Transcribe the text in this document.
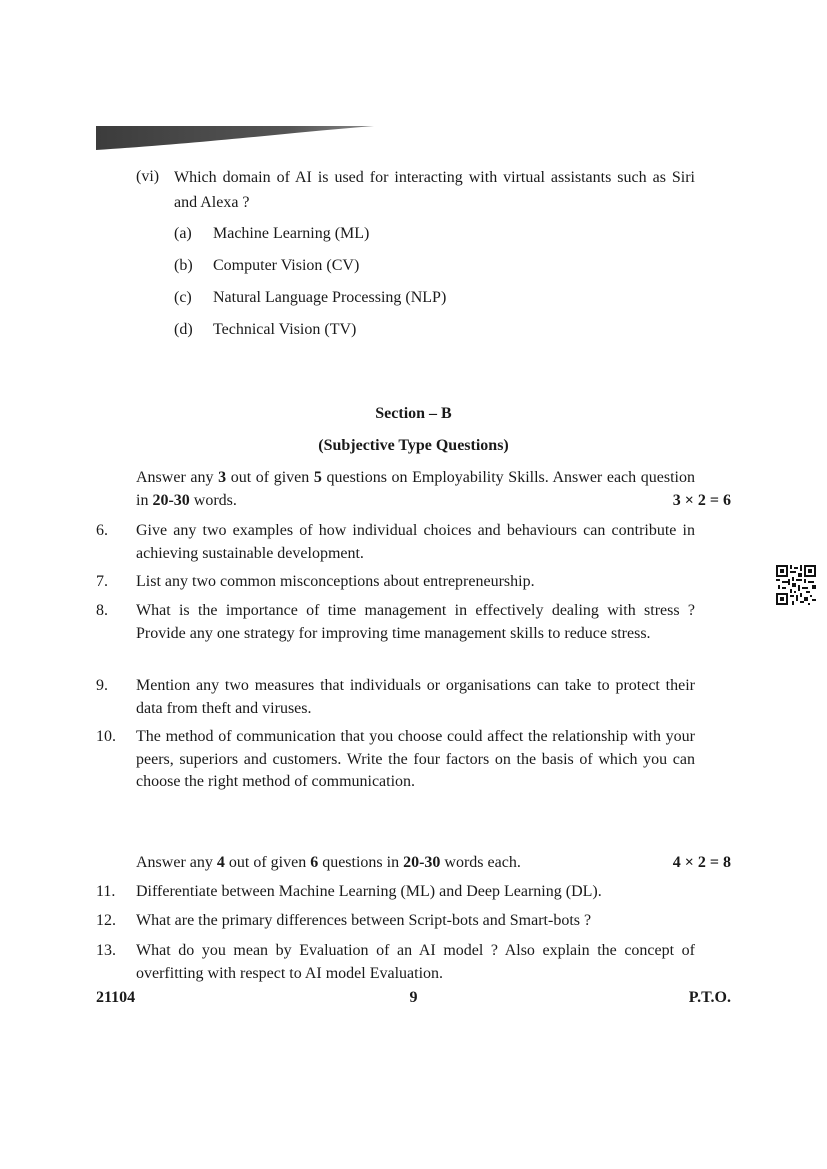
(vi) Which domain of AI is used for interacting with virtual assistants such as Siri and Alexa ?
(a) Machine Learning (ML)
(b) Computer Vision (CV)
(c) Natural Language Processing (NLP)
(d) Technical Vision (TV)
Section – B
(Subjective Type Questions)
Answer any 3 out of given 5 questions on Employability Skills. Answer each question in 20-30 words.	3 × 2 = 6
6.	Give any two examples of how individual choices and behaviours can contribute in achieving sustainable development.
7.	List any two common misconceptions about entrepreneurship.
8.	What is the importance of time management in effectively dealing with stress ? Provide any one strategy for improving time management skills to reduce stress.
9.	Mention any two measures that individuals or organisations can take to protect their data from theft and viruses.
10.	The method of communication that you choose could affect the relationship with your peers, superiors and customers. Write the four factors on the basis of which you can choose the right method of communication.
Answer any 4 out of given 6 questions in 20-30 words each.	4 × 2 = 8
11.	Differentiate between Machine Learning (ML) and Deep Learning (DL).
12.	What are the primary differences between Script-bots and Smart-bots ?
13.	What do you mean by Evaluation of an AI model ? Also explain the concept of overfitting with respect to AI model Evaluation.
21104	9	P.T.O.
